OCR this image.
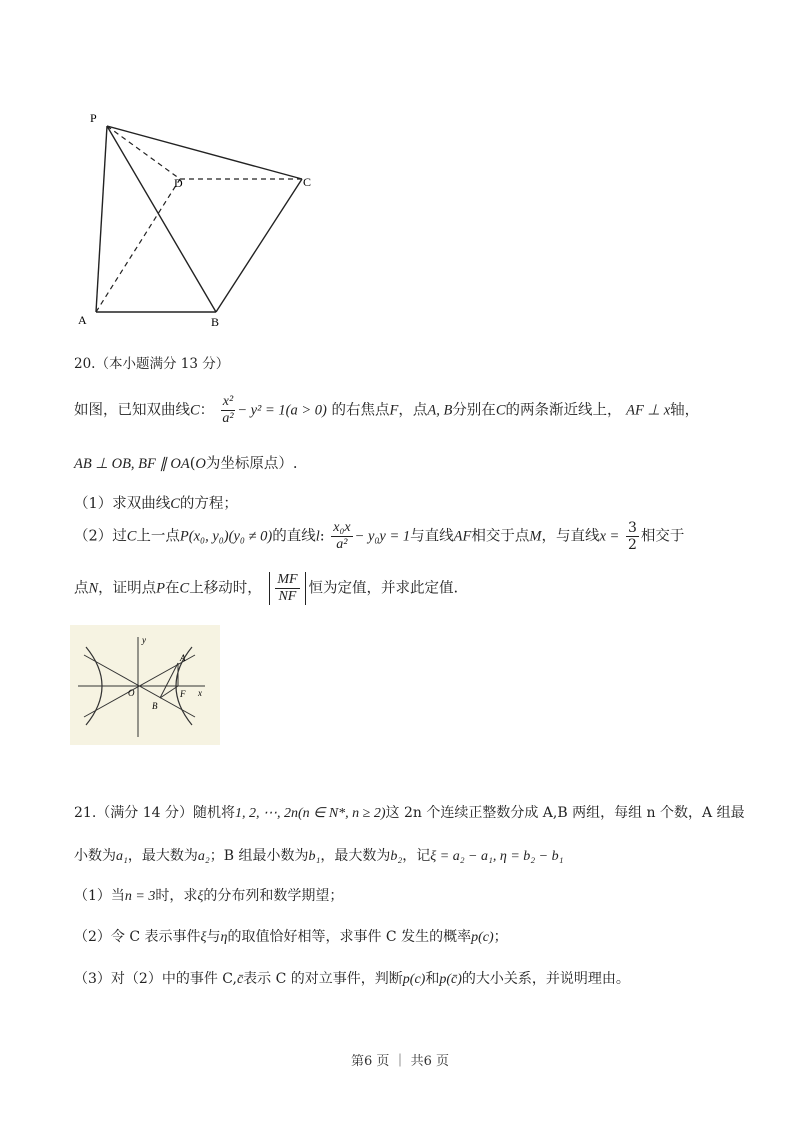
P
D	C
A	B
20.（本小题满分 13 分）
如图，已知双曲线C： $\frac{\text{x²}}{\text{a²}} - y^2 = 1(a > 0)$ 的右焦点F，点A, B分别在C的两条渐近线上， AF ⊥ x轴，
AB ⊥ OB, BF ∥ OA(O为坐标原点）.
（1）求双曲线C的方程；
（2）过C上一点P(x₀, y₀)(y₀ ≠ 0)的直线l: $\frac{\text{x₀x}}{\text{a²}} - y_0y = 1$与直线AF相交于点M，与直线$x = \frac{3}{2}$ 相交于
点N，证明点P在C上移动时， $\frac{MF}{NF}$ 恒为定值，并求此定值.
y
x
O
A
B
F
21.（满分 14 分）随机将1, 2, ⋯, 2n(n ∈ N*, n ≥ 2)这 2n 个连续正整数分成 A,B 两组，每组 n 个数，A 组最
小数为a₁，最大数为a₂；B 组最小数为b₁，最大数为b₂，记ξ = a₂ − a₁, η = b₂ − b₁
（1）当n = 3时，求ξ的分布列和数学期望；
（2）令 C 表示事件ξ与η的取值恰好相等，求事件 C 发生的概率p(c)；
（3）对（2）中的事件 C,c̄表示 C 的对立事件，判断p(c)和p(c̄)的大小关系，并说明理由。
第6 页 ｜ 共6 页
